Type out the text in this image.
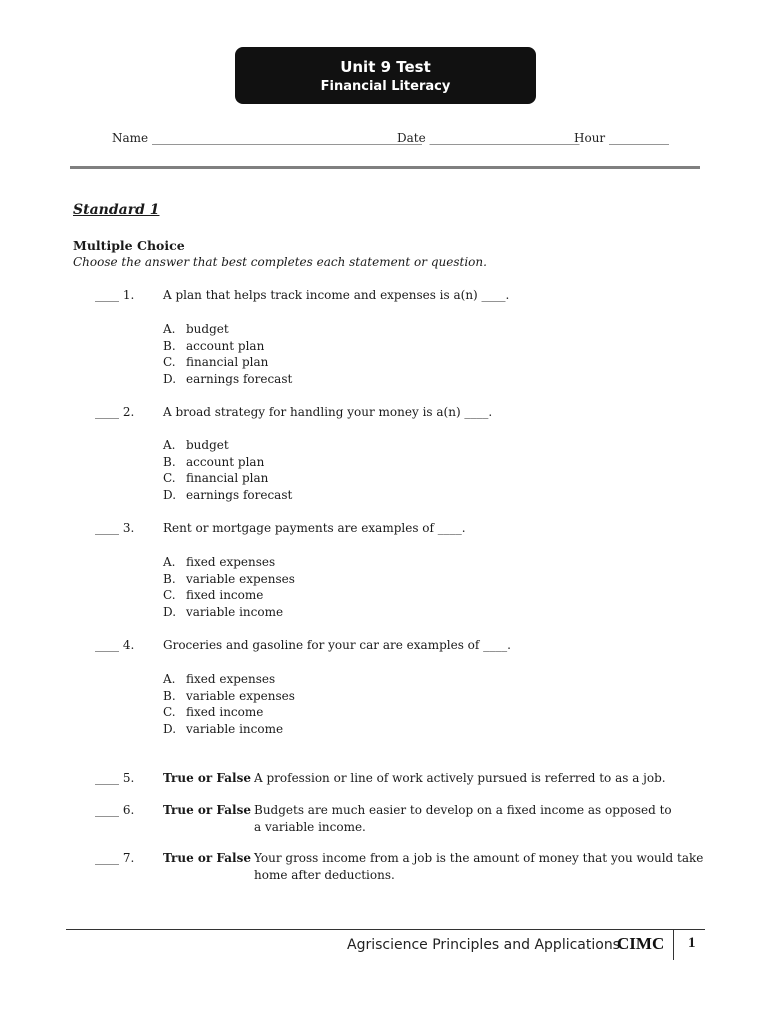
Unit 9 Test
Financial Literacy
Name _____________________________________________
Date _________________________
Hour __________
Standard 1
Multiple Choice
Choose the answer that best completes each statement or question.
____ 1. A plan that helps track income and expenses is a(n) ____.
A. budget
B. account plan
C. financial plan
D. earnings forecast
____ 2. A broad strategy for handling your money is a(n) ____.
A. budget
B. account plan
C. financial plan
D. earnings forecast
____ 3. Rent or mortgage payments are examples of ____.
A. fixed expenses
B. variable expenses
C. fixed income
D. variable income
____ 4. Groceries and gasoline for your car are examples of ____.
A. fixed expenses
B. variable expenses
C. fixed income
D. variable income
____ 5. True or False A profession or line of work actively pursued is referred to as a job.
____ 6. True or False Budgets are much easier to develop on a fixed income as opposed to a variable income.
____ 7. True or False Your gross income from a job is the amount of money that you would take home after deductions.
Agriscience Principles and Applications
CIMC 1
